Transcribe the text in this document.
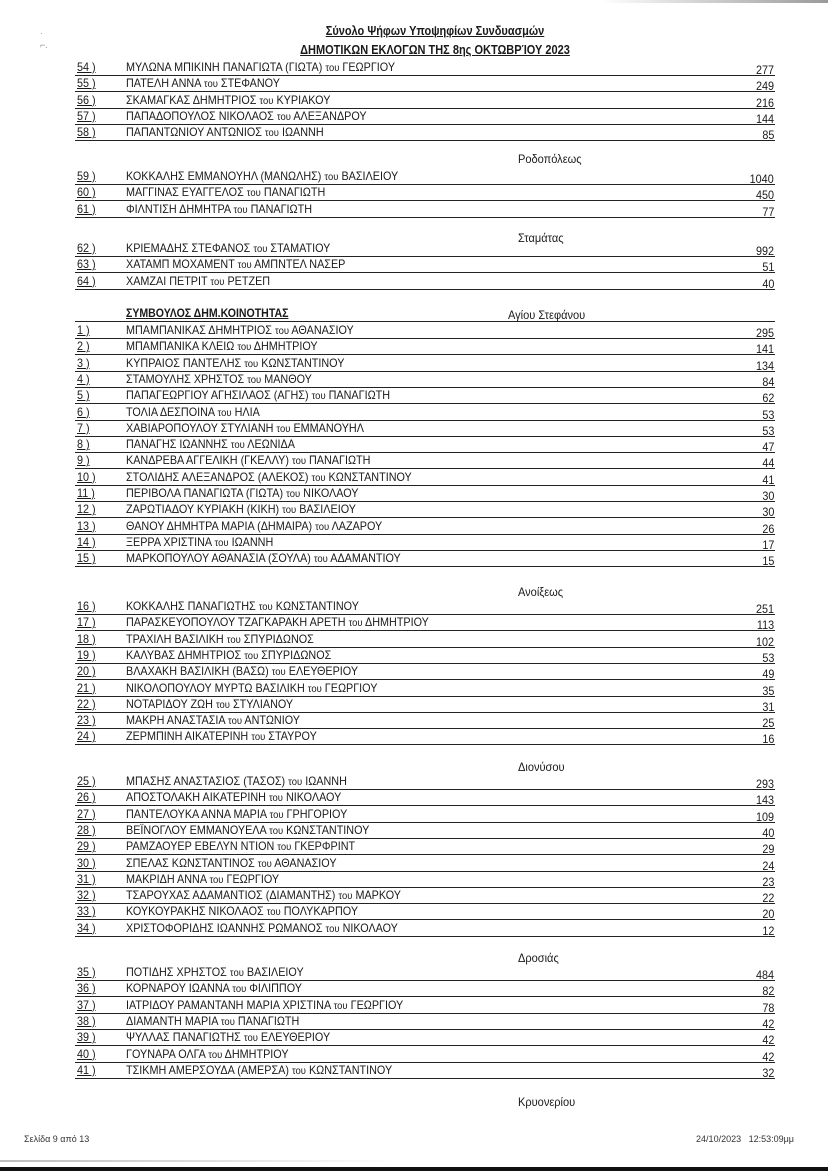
·
⌐.
Σύνολο Ψήφων Υποψηφίων Συνδυασμών
ΔΗΜΟΤΙΚΩΝ ΕΚΛΟΓΩΝ ΤΗΣ 8ης ΟΚΤΩΒΡΊΟΥ 2023
54 )	ΜΥΛΩΝΑ ΜΠΙΚΙΝΗ ΠΑΝΑΓΙΩΤΑ (ΓΙΩΤΑ) του ΓΕΩΡΓΙΟΥ	277
55 )	ΠΑΤΕΛΗ ΑΝΝΑ του ΣΤΕΦΑΝΟΥ	249
56 )	ΣΚΑΜΑΓΚΑΣ ΔΗΜΗΤΡΙΟΣ του ΚΥΡΙΑΚΟΥ	216
57 )	ΠΑΠΑΔΟΠΟΥΛΟΣ ΝΙΚΟΛΑΟΣ του ΑΛΕΞΑΝΔΡΟΥ	144
58 )	ΠΑΠΑΝΤΩΝΙΟΥ ΑΝΤΩΝΙΟΣ του ΙΩΑΝΝΗ	85
Ροδοπόλεως
59 )	ΚΟΚΚΑΛΗΣ ΕΜΜΑΝΟΥΗΛ (ΜΑΝΩΛΗΣ) του ΒΑΣΙΛΕΙΟΥ	1040
60 )	ΜΑΓΓΙΝΑΣ ΕΥΑΓΓΕΛΟΣ του ΠΑΝΑΓΙΩΤΗ	450
61 )	ΦΙΛΝΤΙΣΗ ΔΗΜΗΤΡΑ του ΠΑΝΑΓΙΩΤΗ	77
Σταμάτας
62 )	ΚΡΙΕΜΑΔΗΣ ΣΤΕΦΑΝΟΣ του ΣΤΑΜΑΤΙΟΥ	992
63 )	ΧΑΤΑΜΠ ΜΟΧΑΜΕΝΤ του ΑΜΠΝΤΕΛ ΝΑΣΕΡ	51
64 )	ΧΑΜΖΑΙ ΠΕΤΡΙΤ του ΡΕΤΖΕΠ	40
ΣΥΜΒΟΥΛΟΣ ΔΗΜ.ΚΟΙΝΟΤΗΤΑΣ	Αγίου Στεφάνου
1 )	ΜΠΑΜΠΑΝΙΚΑΣ ΔΗΜΗΤΡΙΟΣ του ΑΘΑΝΑΣΙΟΥ	295
2 )	ΜΠΑΜΠΑΝΙΚΑ ΚΛΕΙΩ του ΔΗΜΗΤΡΙΟΥ	141
3 )	ΚΥΠΡΑΙΟΣ ΠΑΝΤΕΛΗΣ του ΚΩΝΣΤΑΝΤΙΝΟΥ	134
4 )	ΣΤΑΜΟΥΛΗΣ ΧΡΗΣΤΟΣ του ΜΑΝΘΟΥ	84
5 )	ΠΑΠΑΓΕΩΡΓΙΟΥ ΑΓΗΣΙΛΑΟΣ (ΑΓΗΣ) του ΠΑΝΑΓΙΩΤΗ	62
6 )	ΤΟΛΙΑ ΔΕΣΠΟΙΝΑ του ΗΛΙΑ	53
7 )	ΧΑΒΙΑΡΟΠΟΥΛΟΥ ΣΤΥΛΙΑΝΗ του ΕΜΜΑΝΟΥΗΛ	53
8 )	ΠΑΝΑΓΗΣ ΙΩΑΝΝΗΣ του ΛΕΩΝΙΔΑ	47
9 )	ΚΑΝΔΡΕΒΑ ΑΓΓΕΛΙΚΗ (ΓΚΕΛΛΥ) του ΠΑΝΑΓΙΩΤΗ	44
10 )	ΣΤΟΛΙΔΗΣ ΑΛΕΞΑΝΔΡΟΣ (ΑΛΕΚΟΣ) του ΚΩΝΣΤΑΝΤΙΝΟΥ	41
11 )	ΠΕΡΙΒΟΛΑ ΠΑΝΑΓΙΩΤΑ (ΓΙΩΤΑ) του ΝΙΚΟΛΑΟΥ	30
12 )	ΖΑΡΩΤΙΑΔΟΥ ΚΥΡΙΑΚΗ (ΚΙΚΗ) του ΒΑΣΙΛΕΙΟΥ	30
13 )	ΘΑΝΟΥ ΔΗΜΗΤΡΑ ΜΑΡΙΑ (ΔΗΜΑΙΡΑ) του ΛΑΖΑΡΟΥ	26
14 )	ΞΕΡΡΑ ΧΡΙΣΤΙΝΑ του ΙΩΑΝΝΗ	17
15 )	ΜΑΡΚΟΠΟΥΛΟΥ ΑΘΑΝΑΣΙΑ (ΣΟΥΛΑ) του ΑΔΑΜΑΝΤΙΟΥ	15
Ανοίξεως
16 )	ΚΟΚΚΑΛΗΣ ΠΑΝΑΓΙΩΤΗΣ του ΚΩΝΣΤΑΝΤΙΝΟΥ	251
17 )	ΠΑΡΑΣΚΕΥΟΠΟΥΛΟΥ ΤΖΑΓΚΑΡΑΚΗ ΑΡΕΤΗ του ΔΗΜΗΤΡΙΟΥ	113
18 )	ΤΡΑΧΙΛΗ ΒΑΣΙΛΙΚΗ του ΣΠΥΡΙΔΩΝΟΣ	102
19 )	ΚΑΛΥΒΑΣ ΔΗΜΗΤΡΙΟΣ του ΣΠΥΡΙΔΩΝΟΣ	53
20 )	ΒΛΑΧΑΚΗ ΒΑΣΙΛΙΚΗ (ΒΑΣΩ) του ΕΛΕΥΘΕΡΙΟΥ	49
21 )	ΝΙΚΟΛΟΠΟΥΛΟΥ ΜΥΡΤΩ ΒΑΣΙΛΙΚΗ του ΓΕΩΡΓΙΟΥ	35
22 )	ΝΟΤΑΡΙΔΟΥ ΖΩΗ του ΣΤΥΛΙΑΝΟΥ	31
23 )	ΜΑΚΡΗ ΑΝΑΣΤΑΣΙΑ του ΑΝΤΩΝΙΟΥ	25
24 )	ΖΕΡΜΠΙΝΗ ΑΙΚΑΤΕΡΙΝΗ του ΣΤΑΥΡΟΥ	16
Διονύσου
25 )	ΜΠΑΣΗΣ ΑΝΑΣΤΑΣΙΟΣ (ΤΑΣΟΣ) του ΙΩΑΝΝΗ	293
26 )	ΑΠΟΣΤΟΛΑΚΗ ΑΙΚΑΤΕΡΙΝΗ του ΝΙΚΟΛΑΟΥ	143
27 )	ΠΑΝΤΕΛΟΥΚΑ ΑΝΝΑ ΜΑΡΙΑ του ΓΡΗΓΟΡΙΟΥ	109
28 )	ΒΕΪΝΟΓΛΟΥ ΕΜΜΑΝΟΥΕΛΑ του ΚΩΝΣΤΑΝΤΙΝΟΥ	40
29 )	ΡΑΜΖΑΟΥΕΡ ΕΒΕΛΥΝ ΝΤΙΟΝ του ΓΚΕΡΦΡΙΝΤ	29
30 )	ΣΠΕΛΑΣ ΚΩΝΣΤΑΝΤΙΝΟΣ του ΑΘΑΝΑΣΙΟΥ	24
31 )	ΜΑΚΡΙΔΗ ΑΝΝΑ του ΓΕΩΡΓΙΟΥ	23
32 )	ΤΣΑΡΟΥΧΑΣ ΑΔΑΜΑΝΤΙΟΣ (ΔΙΑΜΑΝΤΗΣ) του ΜΑΡΚΟΥ	22
33 )	ΚΟΥΚΟΥΡΑΚΗΣ ΝΙΚΟΛΑΟΣ του ΠΟΛΥΚΑΡΠΟΥ	20
34 )	ΧΡΙΣΤΟΦΟΡΙΔΗΣ ΙΩΑΝΝΗΣ ΡΩΜΑΝΟΣ του ΝΙΚΟΛΑΟΥ	12
Δροσιάς
35 )	ΠΟΤΙΔΗΣ ΧΡΗΣΤΟΣ του ΒΑΣΙΛΕΙΟΥ	484
36 )	ΚΟΡΝΑΡΟΥ ΙΩΑΝΝΑ του ΦΙΛΙΠΠΟΥ	82
37 )	ΙΑΤΡΙΔΟΥ ΡΑΜΑΝΤΑΝΗ ΜΑΡΙΑ ΧΡΙΣΤΙΝΑ του ΓΕΩΡΓΙΟΥ	78
38 )	ΔΙΑΜΑΝΤΗ ΜΑΡΙΑ του ΠΑΝΑΓΙΩΤΗ	42
39 )	ΨΥΛΛΑΣ ΠΑΝΑΓΙΩΤΗΣ του ΕΛΕΥΘΕΡΙΟΥ	42
40 )	ΓΟΥΝΑΡΑ ΟΛΓΑ του ΔΗΜΗΤΡΙΟΥ	42
41 )	ΤΣΙΚΜΗ ΑΜΕΡΣΟΥΔΑ (ΑΜΕΡΣΑ) του ΚΩΝΣΤΑΝΤΙΝΟΥ	32
Κρυονερίου
Σελίδα 9 από 13	24/10/2023   12:53:09μμ
